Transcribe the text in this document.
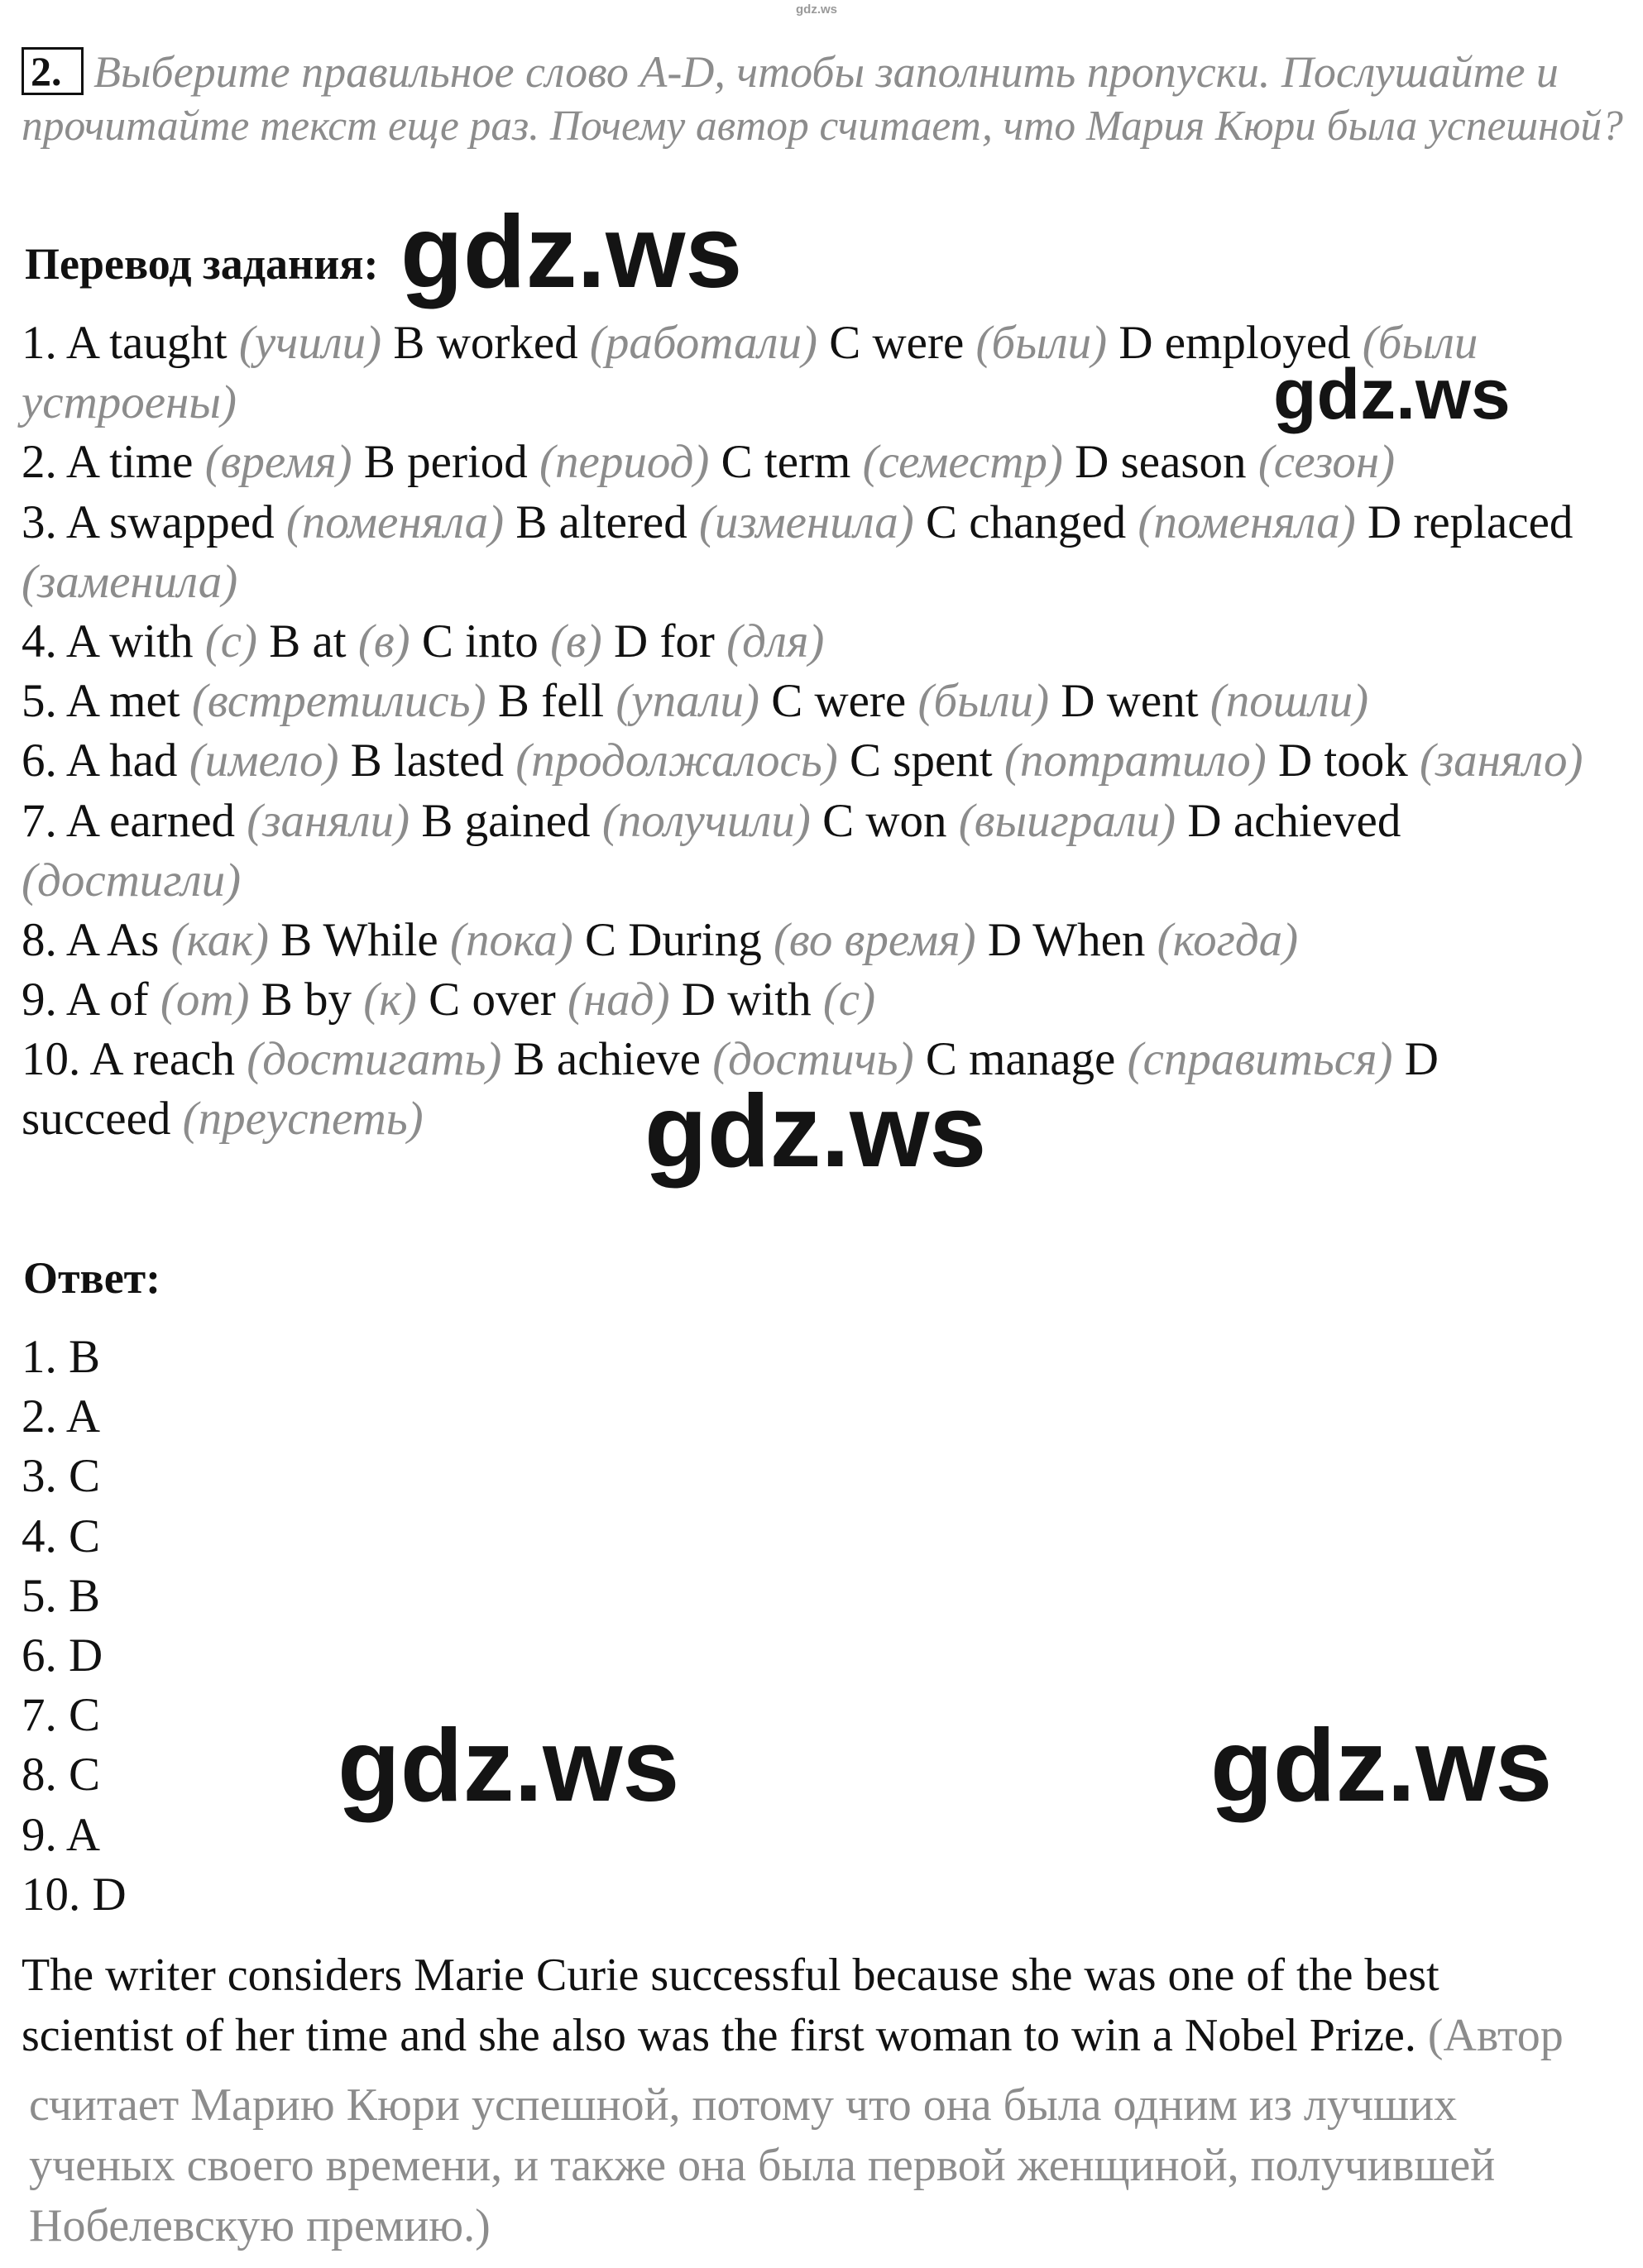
gdz.ws
2. Выберите правильное слово A-D, чтобы заполнить пропуски. Послушайте и
прочитайте текст еще раз. Почему автор считает, что Мария Кюри была успешной?
Перевод задания:
1. A taught (учили) B worked (работали) C were (были) D employed (были
устроены)
2. A time (время) B period (период) C term (семестр) D season (сезон)
3. A swapped (поменяла) B altered (изменила) C changed (поменяла) D replaced
(заменила)
4. A with (с) B at (в) C into (в) D for (для)
5. A met (встретились) B fell (упали) C were (были) D went (пошли)
6. A had (имело) B lasted (продолжалось) C spent (потратило) D took (заняло)
7. A earned (заняли) B gained (получили) C won (выиграли) D achieved
(достигли)
8. A As (как) B While (пока) C During (во время) D When (когда)
9. A of (от) B by (к) C over (над) D with (с)
10. A reach (достигать) B achieve (достичь) C manage (справиться) D
succeed (преуспеть)
Ответ:
1. B
2. A
3. C
4. C
5. B
6. D
7. C
8. C
9. A
10. D
The writer considers Marie Curie successful because she was one of the best
scientist of her time and she also was the first woman to win a Nobel Prize. (Автор
считает Марию Кюри успешной, потому что она была одним из лучших
ученых своего времени, и также она была первой женщиной, получившей
Нобелевскую премию.)
gdz.ws
gdz.ws
gdz.ws
gdz.ws	gdz.ws
